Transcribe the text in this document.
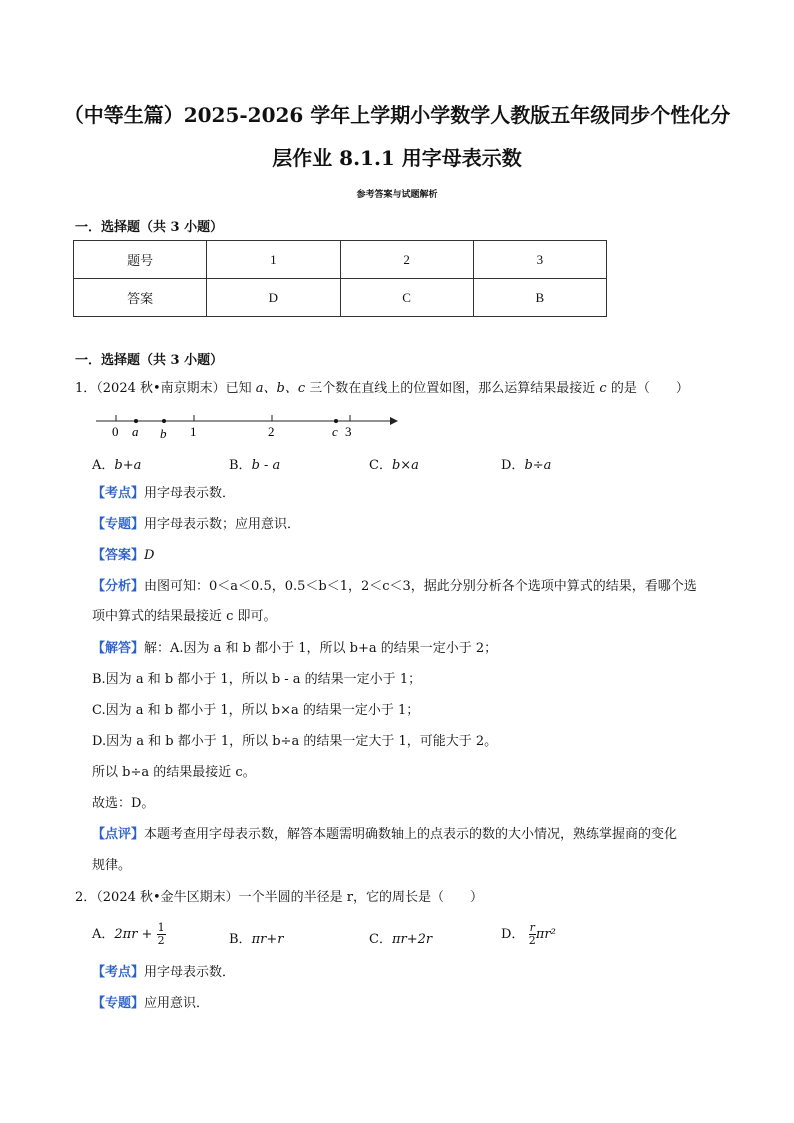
（中等生篇）2025-2026 学年上学期小学数学人教版五年级同步个性化分
层作业 8.1.1 用字母表示数
参考答案与试题解析
一．选择题（共 3 小题）
题号	1	2	3
答案	D	C	B
一．选择题（共 3 小题）
1．（2024 秋•南京期末）已知 a、b、c 三个数在直线上的位置如图，那么运算结果最接近 c 的是（　　）
0	1	2	3
a b	c
A．b+a	B．b - a	C．b×a	D．b÷a
【考点】用字母表示数．
【专题】用字母表示数；应用意识．
【答案】D
【分析】由图可知：0＜a＜0.5，0.5＜b＜1，2＜c＜3，据此分别分析各个选项中算式的结果，看哪个选
项中算式的结果最接近 c 即可。
【解答】解：A.因为 a 和 b 都小于 1，所以 b+a 的结果一定小于 2；
B.因为 a 和 b 都小于 1，所以 b - a 的结果一定小于 1；
C.因为 a 和 b 都小于 1，所以 b×a 的结果一定小于 1；
D.因为 a 和 b 都小于 1，所以 b÷a 的结果一定大于 1，可能大于 2。
所以 b÷a 的结果最接近 c。
故选：D。
【点评】本题考查用字母表示数，解答本题需明确数轴上的点表示的数的大小情况，熟练掌握商的变化
规律。
2．（2024 秋•金牛区期末）一个半圆的半径是 r，它的周长是（　　）
A．$2\pi r + \frac{1}{2}$	B．πr+r	C．πr+2r	D． $\frac{r}{2} \pi r^2$
【考点】用字母表示数．
【专题】应用意识．
